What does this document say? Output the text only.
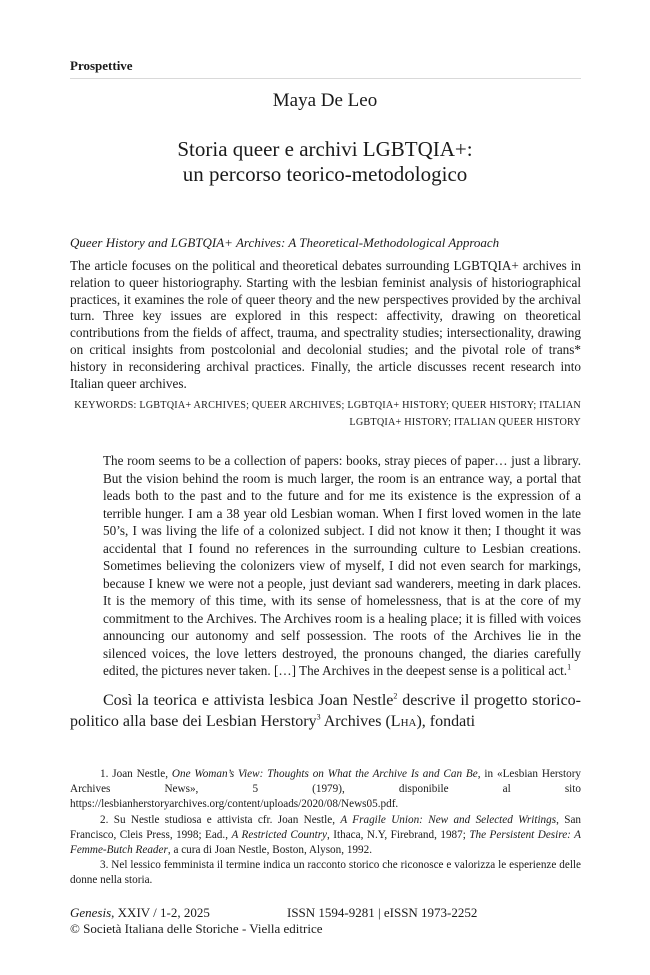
Prospettive
Maya De Leo
Storia queer e archivi LGBTQIA+:
un percorso teorico-metodologico
Queer History and LGBTQIA+ Archives: A Theoretical-Methodological Approach

The article focuses on the political and theoretical debates surrounding LGBTQIA+ archives in relation to queer historiography. Starting with the lesbian feminist analysis of historiographical practices, it examines the role of queer theory and the new perspectives provided by the archival turn. Three key issues are explored in this respect: affectivity, drawing on theoretical contributions from the fields of affect, trauma, and spectrality studies; intersectionality, drawing on critical insights from postcolonial and decolonial studies; and the pivotal role of trans* history in reconsidering archival practices. Finally, the article discusses recent research into Italian queer archives.

KEYWORDS: LGBTQIA+ ARCHIVES; QUEER ARCHIVES; LGBTQIA+ HISTORY; QUEER HISTORY; ITALIAN LGBTQIA+ HISTORY; ITALIAN QUEER HISTORY

The room seems to be a collection of papers: books, stray pieces of paper… just a library. But the vision behind the room is much larger, the room is an entrance way, a portal that leads both to the past and to the future and for me its existence is the expression of a terrible hunger. I am a 38 year old Lesbian woman. When I first loved women in the late 50’s, I was living the life of a colonized subject. I did not know it then; I thought it was accidental that I found no references in the surrounding culture to Lesbian creations. Sometimes believing the colonizers view of myself, I did not even search for markings, because I knew we were not a people, just deviant sad wanderers, meeting in dark places. It is the memory of this time, with its sense of homelessness, that is at the core of my commitment to the Archives. The Archives room is a healing place; it is filled with voices announcing our autonomy and self possession. The roots of the Archives lie in the silenced voices, the love letters destroyed, the pronouns changed, the diaries carefully edited, the pictures never taken. […] The Archives in the deepest sense is a political act.$^1$

Così la teorica e attivista lesbica Joan Nestle$^2$ descrive il progetto storico-politico alla base dei Lesbian Herstory$^3$ Archives (Lha), fondati

1. Joan Nestle, One Woman’s View: Thoughts on What the Archive Is and Can Be, in «Lesbian Herstory Archives News», 5 (1979), disponibile al sito https://lesbianherstoryarchives.org/content/uploads/2020/08/News05.pdf.

2. Su Nestle studiosa e attivista cfr. Joan Nestle, A Fragile Union: New and Selected Writings, San Francisco, Cleis Press, 1998; Ead., A Restricted Country, Ithaca, N.Y, Firebrand, 1987; The Persistent Desire: A Femme-Butch Reader, a cura di Joan Nestle, Boston, Alyson, 1992.

3. Nel lessico femminista il termine indica un racconto storico che riconosce e valorizza le esperienze delle donne nella storia.

Genesis, XXIV / 1-2, 2025	ISSN 1594-9281 | eISSN 1973-2252
© Società Italiana delle Storiche - Viella editrice
